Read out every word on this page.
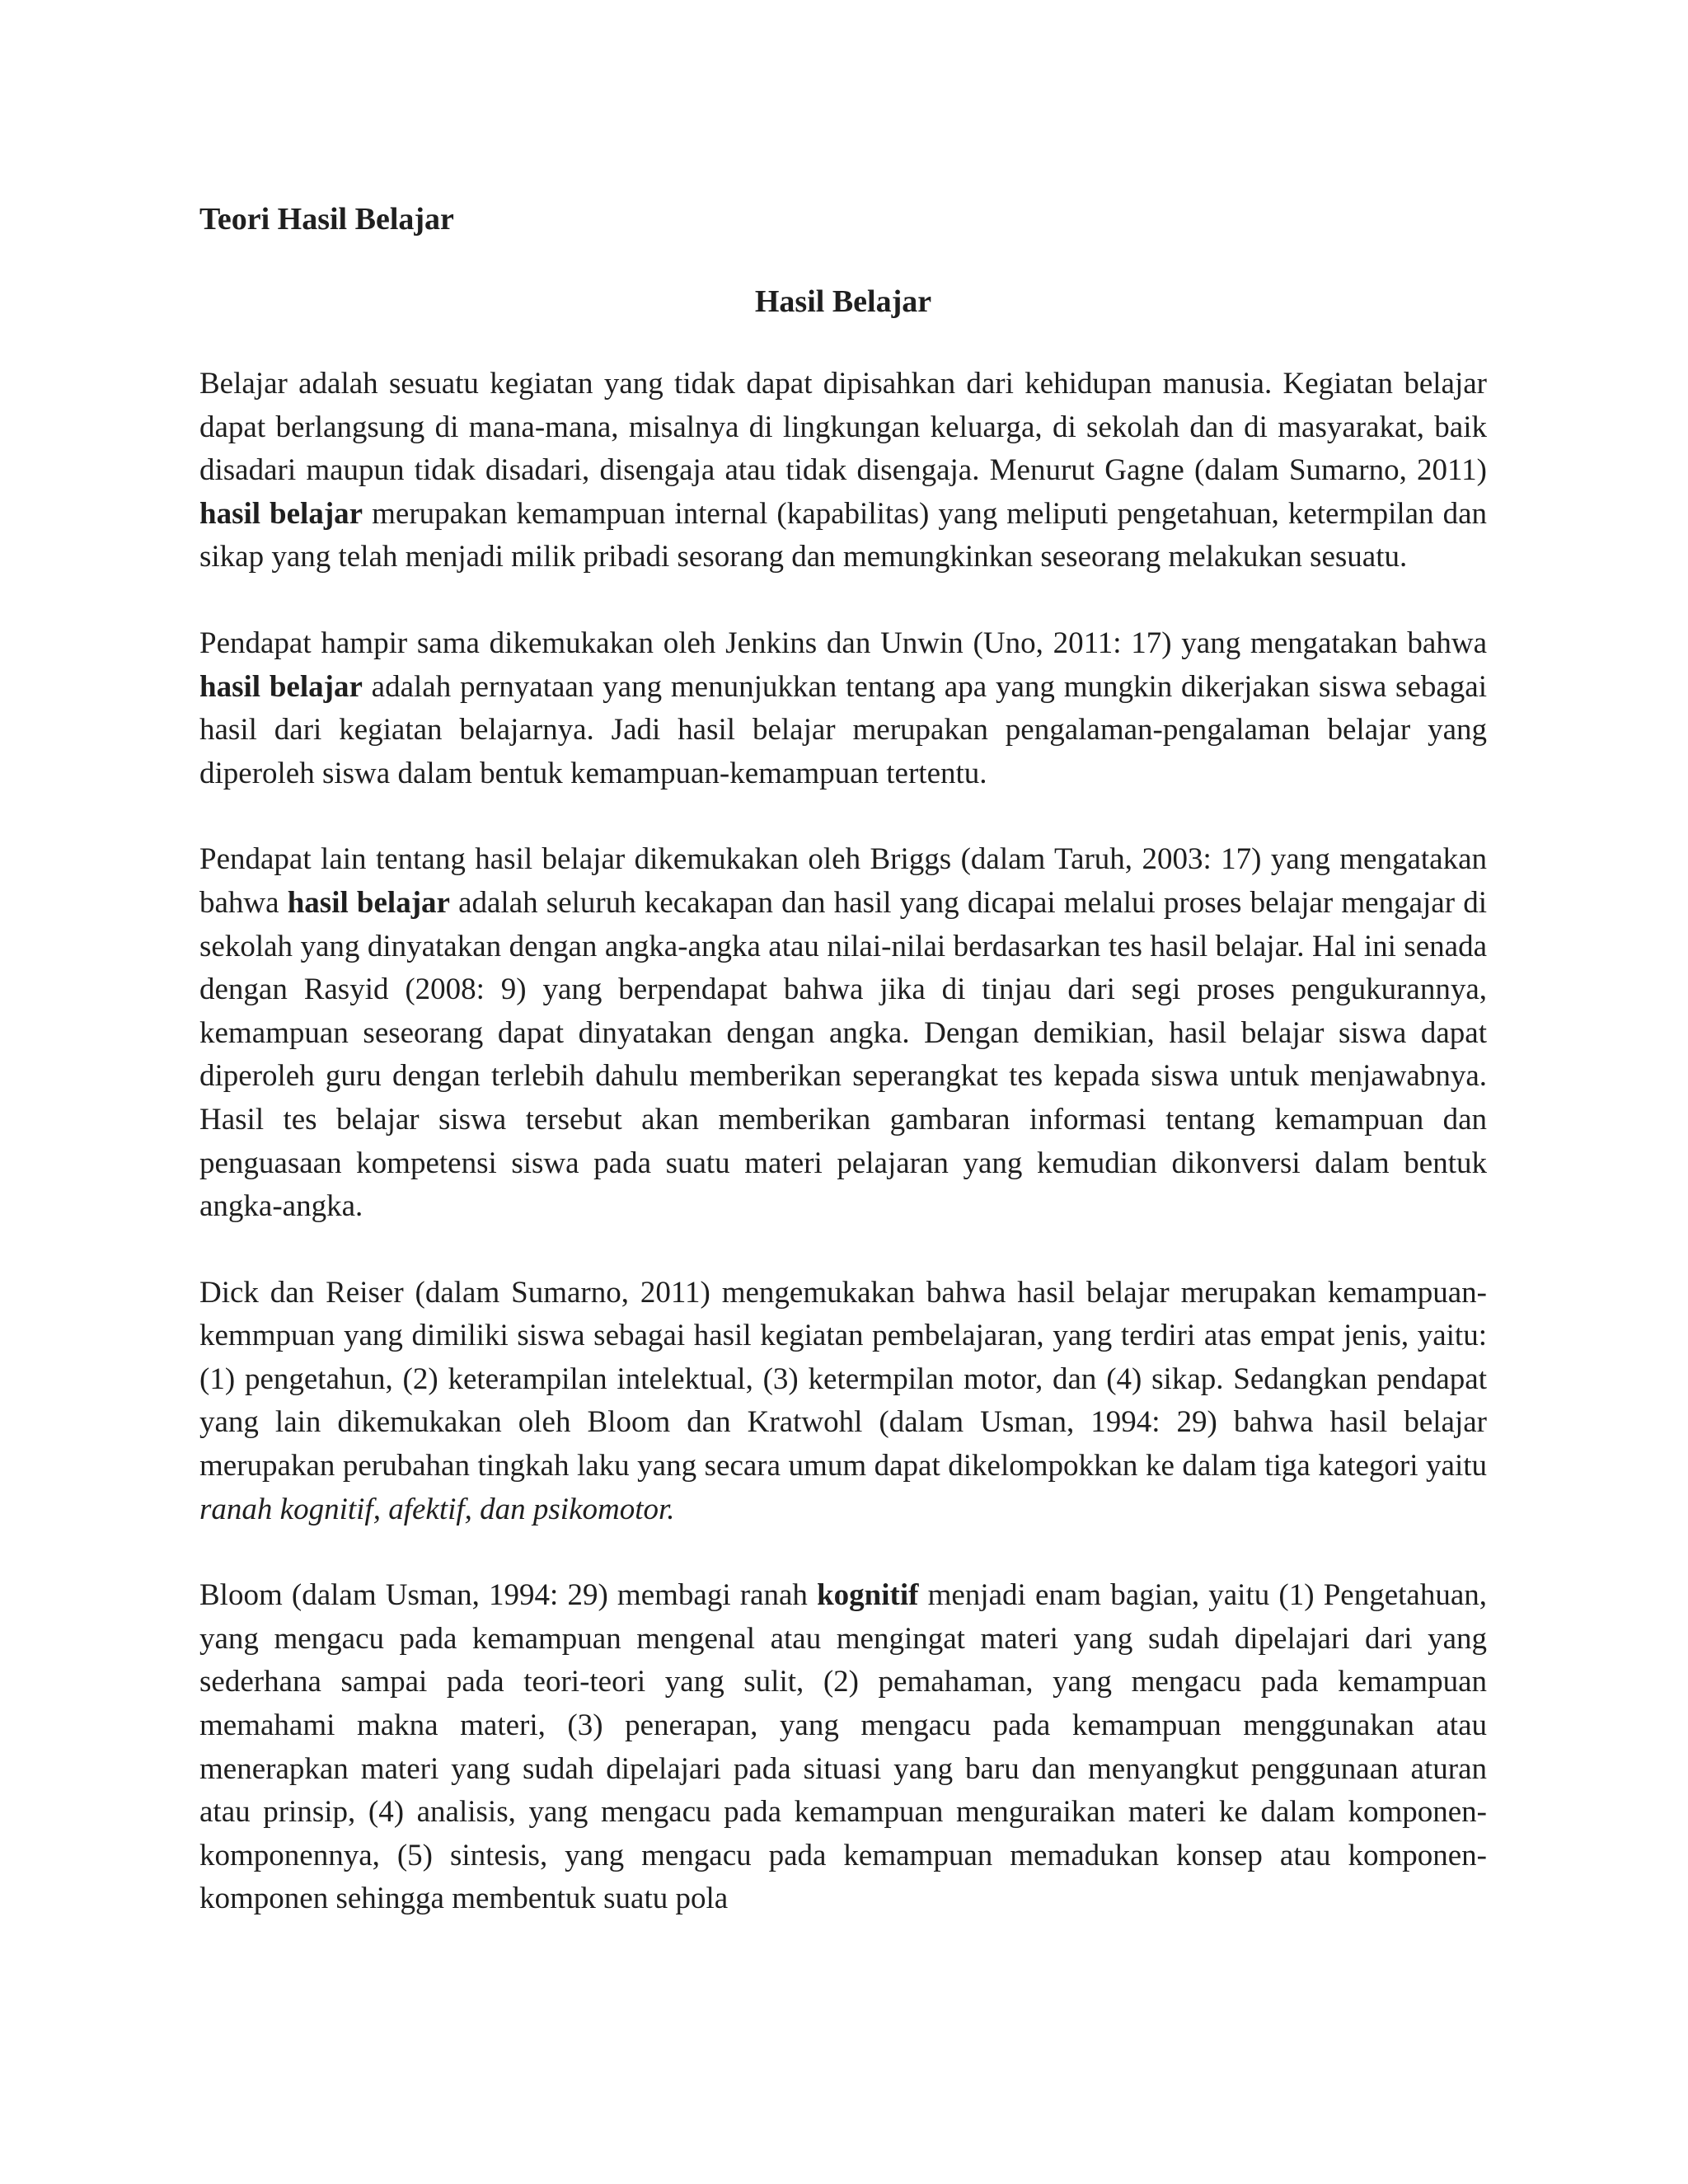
Teori Hasil Belajar
Hasil Belajar

Belajar adalah sesuatu kegiatan yang tidak dapat dipisahkan dari kehidupan manusia. Kegiatan belajar dapat berlangsung di mana-mana, misalnya di lingkungan keluarga, di sekolah dan di masyarakat, baik disadari maupun tidak disadari, disengaja atau tidak disengaja. Menurut Gagne (dalam Sumarno, 2011) hasil belajar merupakan kemampuan internal (kapabilitas) yang meliputi pengetahuan, ketermpilan dan sikap yang telah menjadi milik pribadi sesorang dan memungkinkan seseorang melakukan sesuatu.

Pendapat hampir sama dikemukakan oleh Jenkins dan Unwin (Uno, 2011: 17) yang mengatakan bahwa hasil belajar adalah pernyataan yang menunjukkan tentang apa yang mungkin dikerjakan siswa sebagai hasil dari kegiatan belajarnya. Jadi hasil belajar merupakan pengalaman-pengalaman belajar yang diperoleh siswa dalam bentuk kemampuan-kemampuan tertentu.

Pendapat lain tentang hasil belajar dikemukakan oleh Briggs (dalam Taruh, 2003: 17) yang mengatakan bahwa hasil belajar adalah seluruh kecakapan dan hasil yang dicapai melalui proses belajar mengajar di sekolah yang dinyatakan dengan angka-angka atau nilai-nilai berdasarkan tes hasil belajar. Hal ini senada dengan Rasyid (2008: 9) yang berpendapat bahwa jika di tinjau dari segi proses pengukurannya, kemampuan seseorang dapat dinyatakan dengan angka. Dengan demikian, hasil belajar siswa dapat diperoleh guru dengan terlebih dahulu memberikan seperangkat tes kepada siswa untuk menjawabnya. Hasil tes belajar siswa tersebut akan memberikan gambaran informasi tentang kemampuan dan penguasaan kompetensi siswa pada suatu materi pelajaran yang kemudian dikonversi dalam bentuk angka-angka.

Dick dan Reiser (dalam Sumarno, 2011) mengemukakan bahwa hasil belajar merupakan kemampuan-kemmpuan yang dimiliki siswa sebagai hasil kegiatan pembelajaran, yang terdiri atas empat jenis, yaitu: (1) pengetahun, (2) keterampilan intelektual, (3) ketermpilan motor, dan (4) sikap. Sedangkan pendapat yang lain dikemukakan oleh Bloom dan Kratwohl (dalam Usman, 1994: 29) bahwa hasil belajar merupakan perubahan tingkah laku yang secara umum dapat dikelompokkan ke dalam tiga kategori yaitu ranah kognitif, afektif, dan psikomotor.

Bloom (dalam Usman, 1994: 29) membagi ranah kognitif menjadi enam bagian, yaitu (1) Pengetahuan, yang mengacu pada kemampuan mengenal atau mengingat materi yang sudah dipelajari dari yang sederhana sampai pada teori-teori yang sulit, (2) pemahaman, yang mengacu pada kemampuan memahami makna materi, (3) penerapan, yang mengacu pada kemampuan menggunakan atau menerapkan materi yang sudah dipelajari pada situasi yang baru dan menyangkut penggunaan aturan atau prinsip, (4) analisis, yang mengacu pada kemampuan menguraikan materi ke dalam komponen-komponennya, (5) sintesis, yang mengacu pada kemampuan memadukan konsep atau komponen-komponen sehingga membentuk suatu pola
